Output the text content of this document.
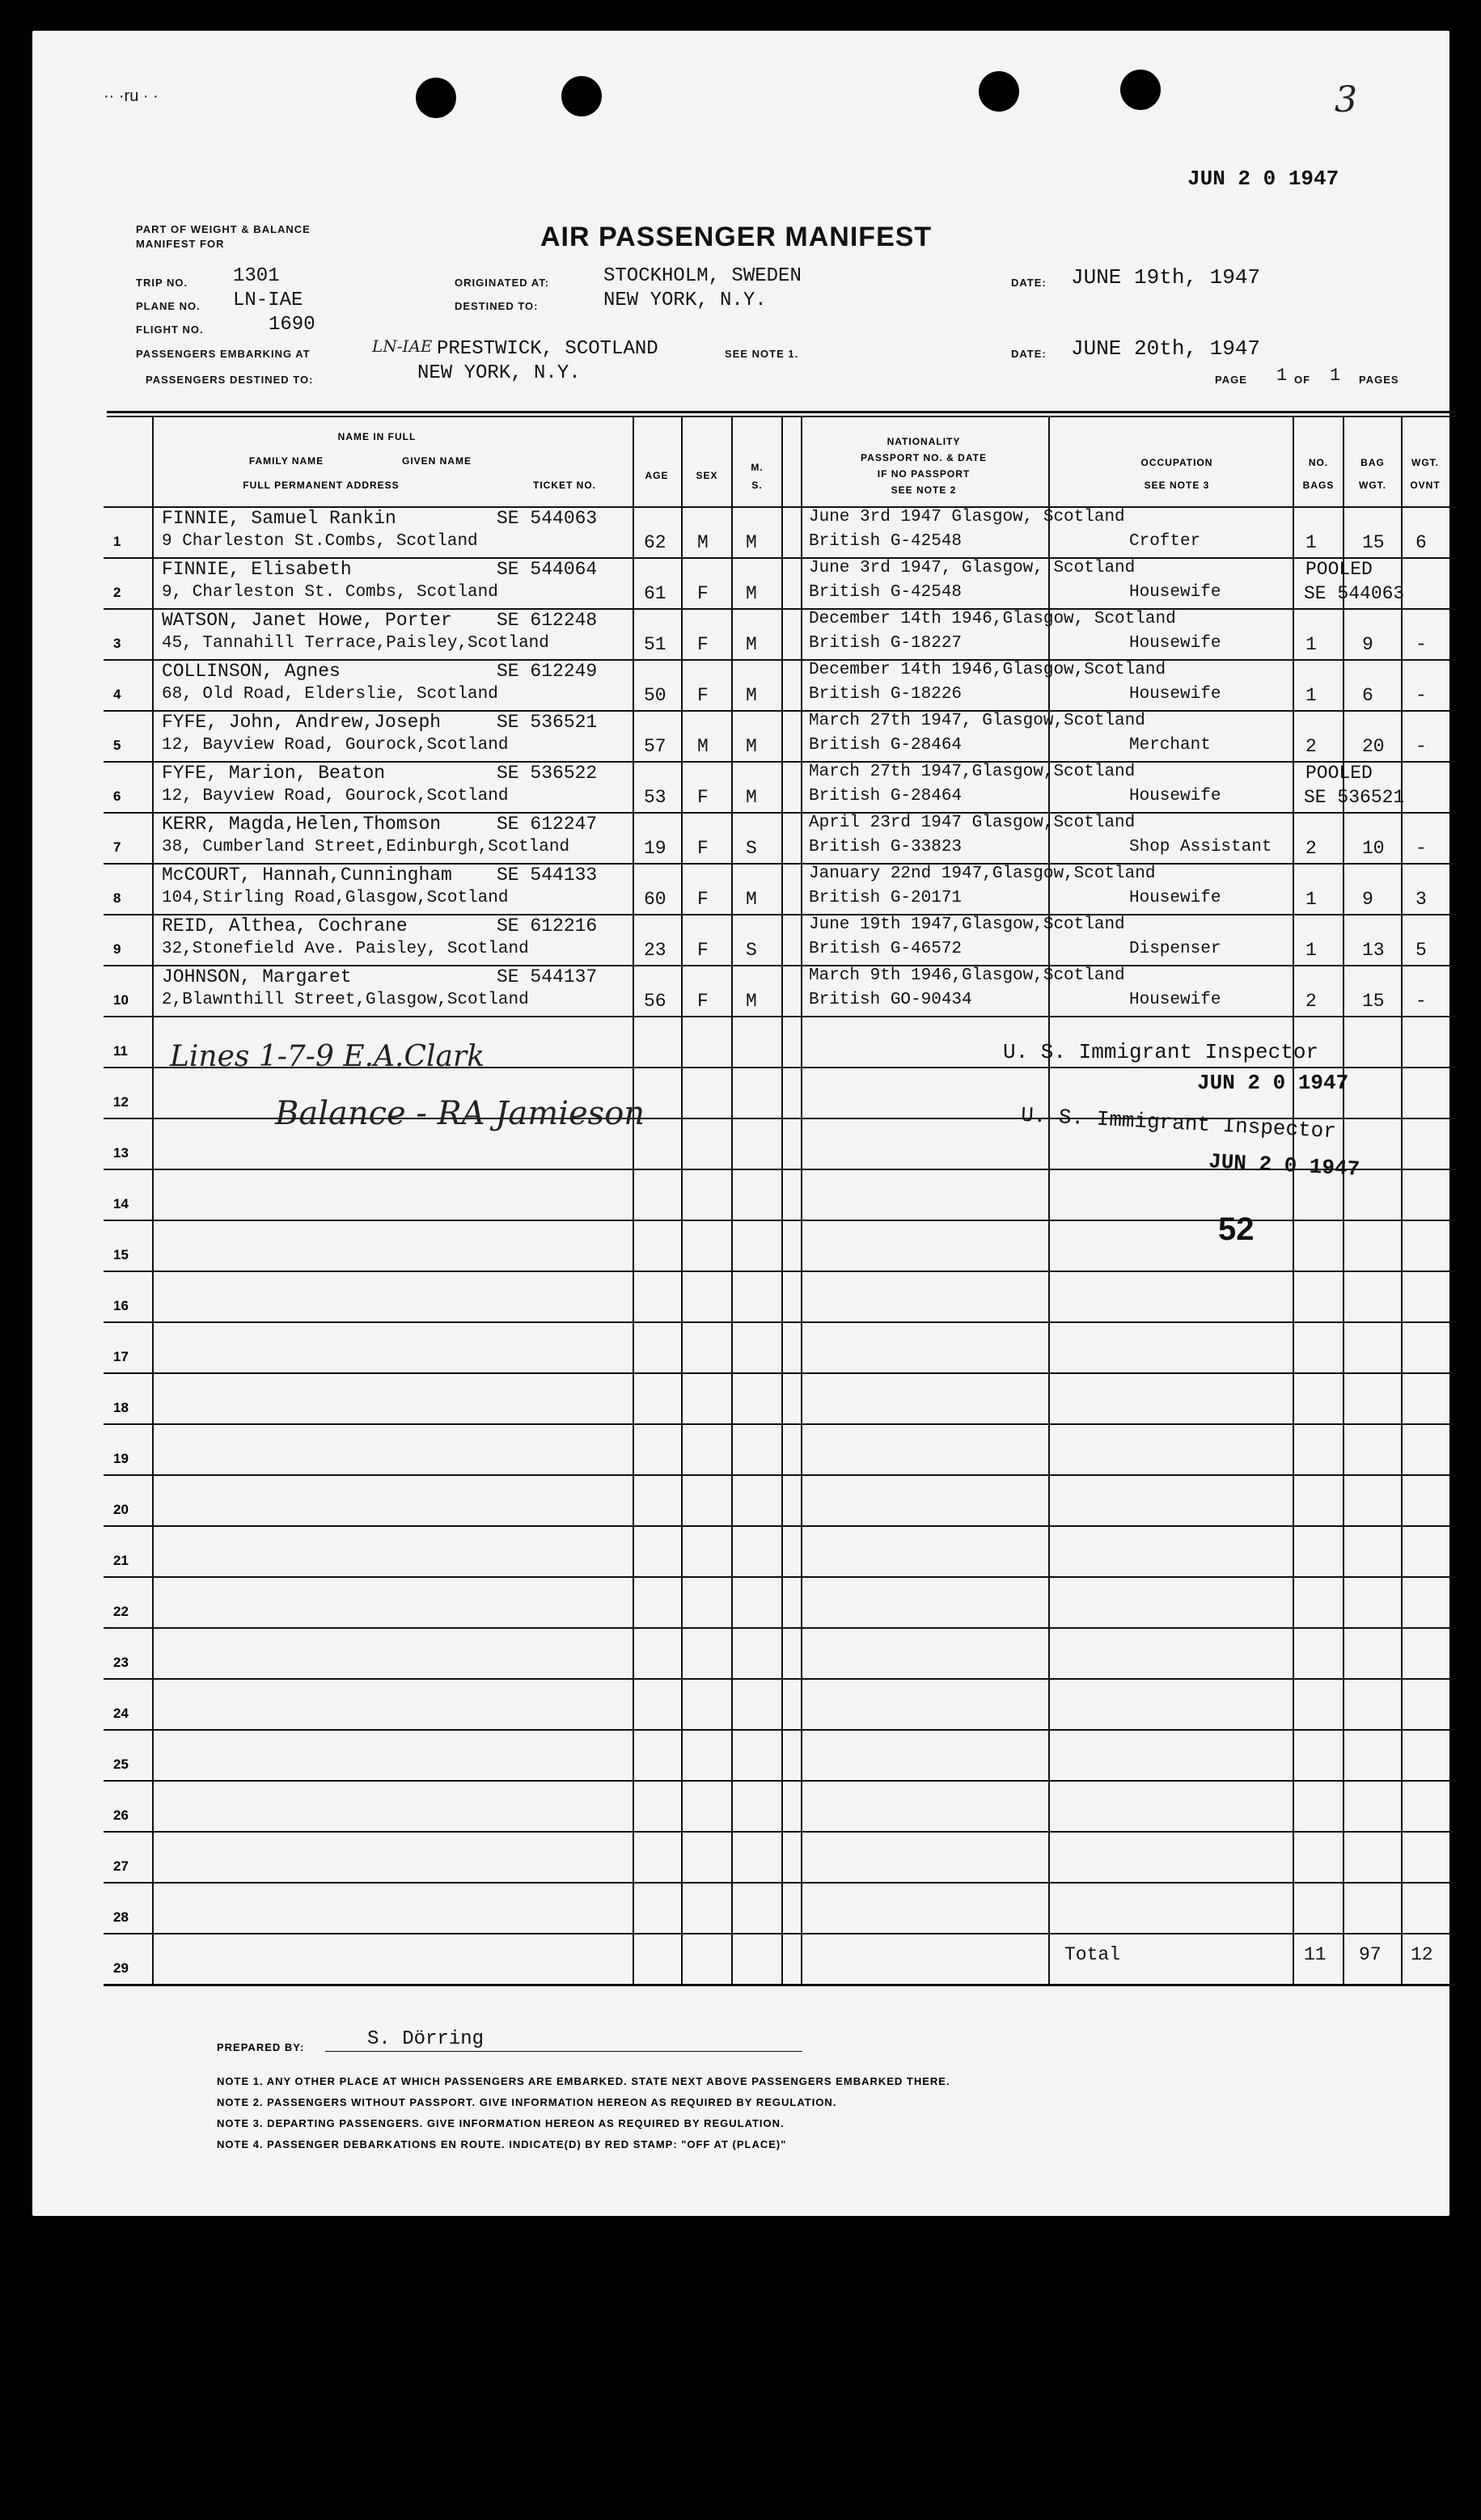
·· ·ru · ·	3
JUN 2 0 1947
PART OF WEIGHT & BALANCE
MANIFEST FOR	AIR PASSENGER MANIFEST
TRIP NO. 1301
PLANE NO. LN-IAE
FLIGHT NO.	1690
ORIGINATED AT:	STOCKHOLM, SWEDEN
DESTINED TO:	NEW YORK, N.Y.
DATE: JUNE 19th, 1947
PASSENGERS EMBARKING AT	LN-IAE PRESTWICK, SCOTLAND	SEE NOTE 1.	DATE: JUNE 20th, 1947
PASSENGERS DESTINED TO:	NEW YORK, N.Y.	PAGE 1 OF 1 PAGES
NAME IN FULL
FAMILY NAME	GIVEN NAME
FULL PERMANENT ADDRESS	TICKET NO.
AGE	SEX
M.
S.
NATIONALITY
PASSPORT NO. & DATE
IF NO PASSPORT
SEE NOTE 2
OCCUPATION
SEE NOTE 3
NO.
BAGS
BAG
WGT.
WGT.
OVNT
1
FINNIE, Samuel Rankin	SE 544063
9 Charleston St.Combs, Scotland	62 M M
June 3rd 1947 Glasgow, Scotland
British G-42548	Crofter	1 15 6
2
FINNIE, Elisabeth	SE 544064
9, Charleston St. Combs, Scotland	61 F M
June 3rd 1947, Glasgow, Scotland
British G-42548	Housewife
POOLED
SE 544063
3
WATSON, Janet Howe, Porter SE 612248
45, Tannahill Terrace,Paisley,Scotland	51 F M
December 14th 1946,Glasgow, Scotland
British G-18227	Housewife	1 9 -
4
COLLINSON, Agnes	SE 612249
68, Old Road, Elderslie, Scotland	50 F M
December 14th 1946,Glasgow,Scotland
British G-18226	Housewife	1 6 -
5
FYFE, John, Andrew,Joseph	SE 536521
12, Bayview Road, Gourock,Scotland	57 M M
March 27th 1947, Glasgow,Scotland
British G-28464	Merchant	2 20 -
6
FYFE, Marion, Beaton	SE 536522
12, Bayview Road, Gourock,Scotland	53 F M
March 27th 1947,Glasgow,Scotland
British G-28464	Housewife
POOLED
SE 536521
7
KERR, Magda,Helen,Thomson	SE 612247
38, Cumberland Street,Edinburgh,Scotland	19 F S
April 23rd 1947 Glasgow,Scotland
British G-33823	Shop Assistant 2 10 -
8
McCOURT, Hannah,Cunningham SE 544133
104,Stirling Road,Glasgow,Scotland	60 F M
January 22nd 1947,Glasgow,Scotland
British G-20171	Housewife	1 9 3
9
REID, Althea, Cochrane	SE 612216
32,Stonefield Ave. Paisley, Scotland	23 F S
June 19th 1947,Glasgow,Scotland
British G-46572	Dispenser	1 13 5
10
JOHNSON, Margaret	SE 544137
2,Blawnthill Street,Glasgow,Scotland	56 F M
March 9th 1946,Glasgow,Scotland
British GO-90434	Housewife	2 15 -
11
12
13
14
15
16
17
18
19
20
21
22
23
24
25
26
27
28
29
Lines 1-7-9 E.A.Clark
Balance - RA Jamieson
U. S. Immigrant Inspector
JUN 2 0 1947
U. S. Immigrant Inspector
JUN 2 0 1947
52
Total	11 97 12
PREPARED BY:	S. Dörring
NOTE 1. ANY OTHER PLACE AT WHICH PASSENGERS ARE EMBARKED. STATE NEXT ABOVE PASSENGERS EMBARKED THERE.
NOTE 2. PASSENGERS WITHOUT PASSPORT. GIVE INFORMATION HEREON AS REQUIRED BY REGULATION.
NOTE 3. DEPARTING PASSENGERS. GIVE INFORMATION HEREON AS REQUIRED BY REGULATION.
NOTE 4. PASSENGER DEBARKATIONS EN ROUTE. INDICATE(D) BY RED STAMP: "OFF AT (PLACE)"
